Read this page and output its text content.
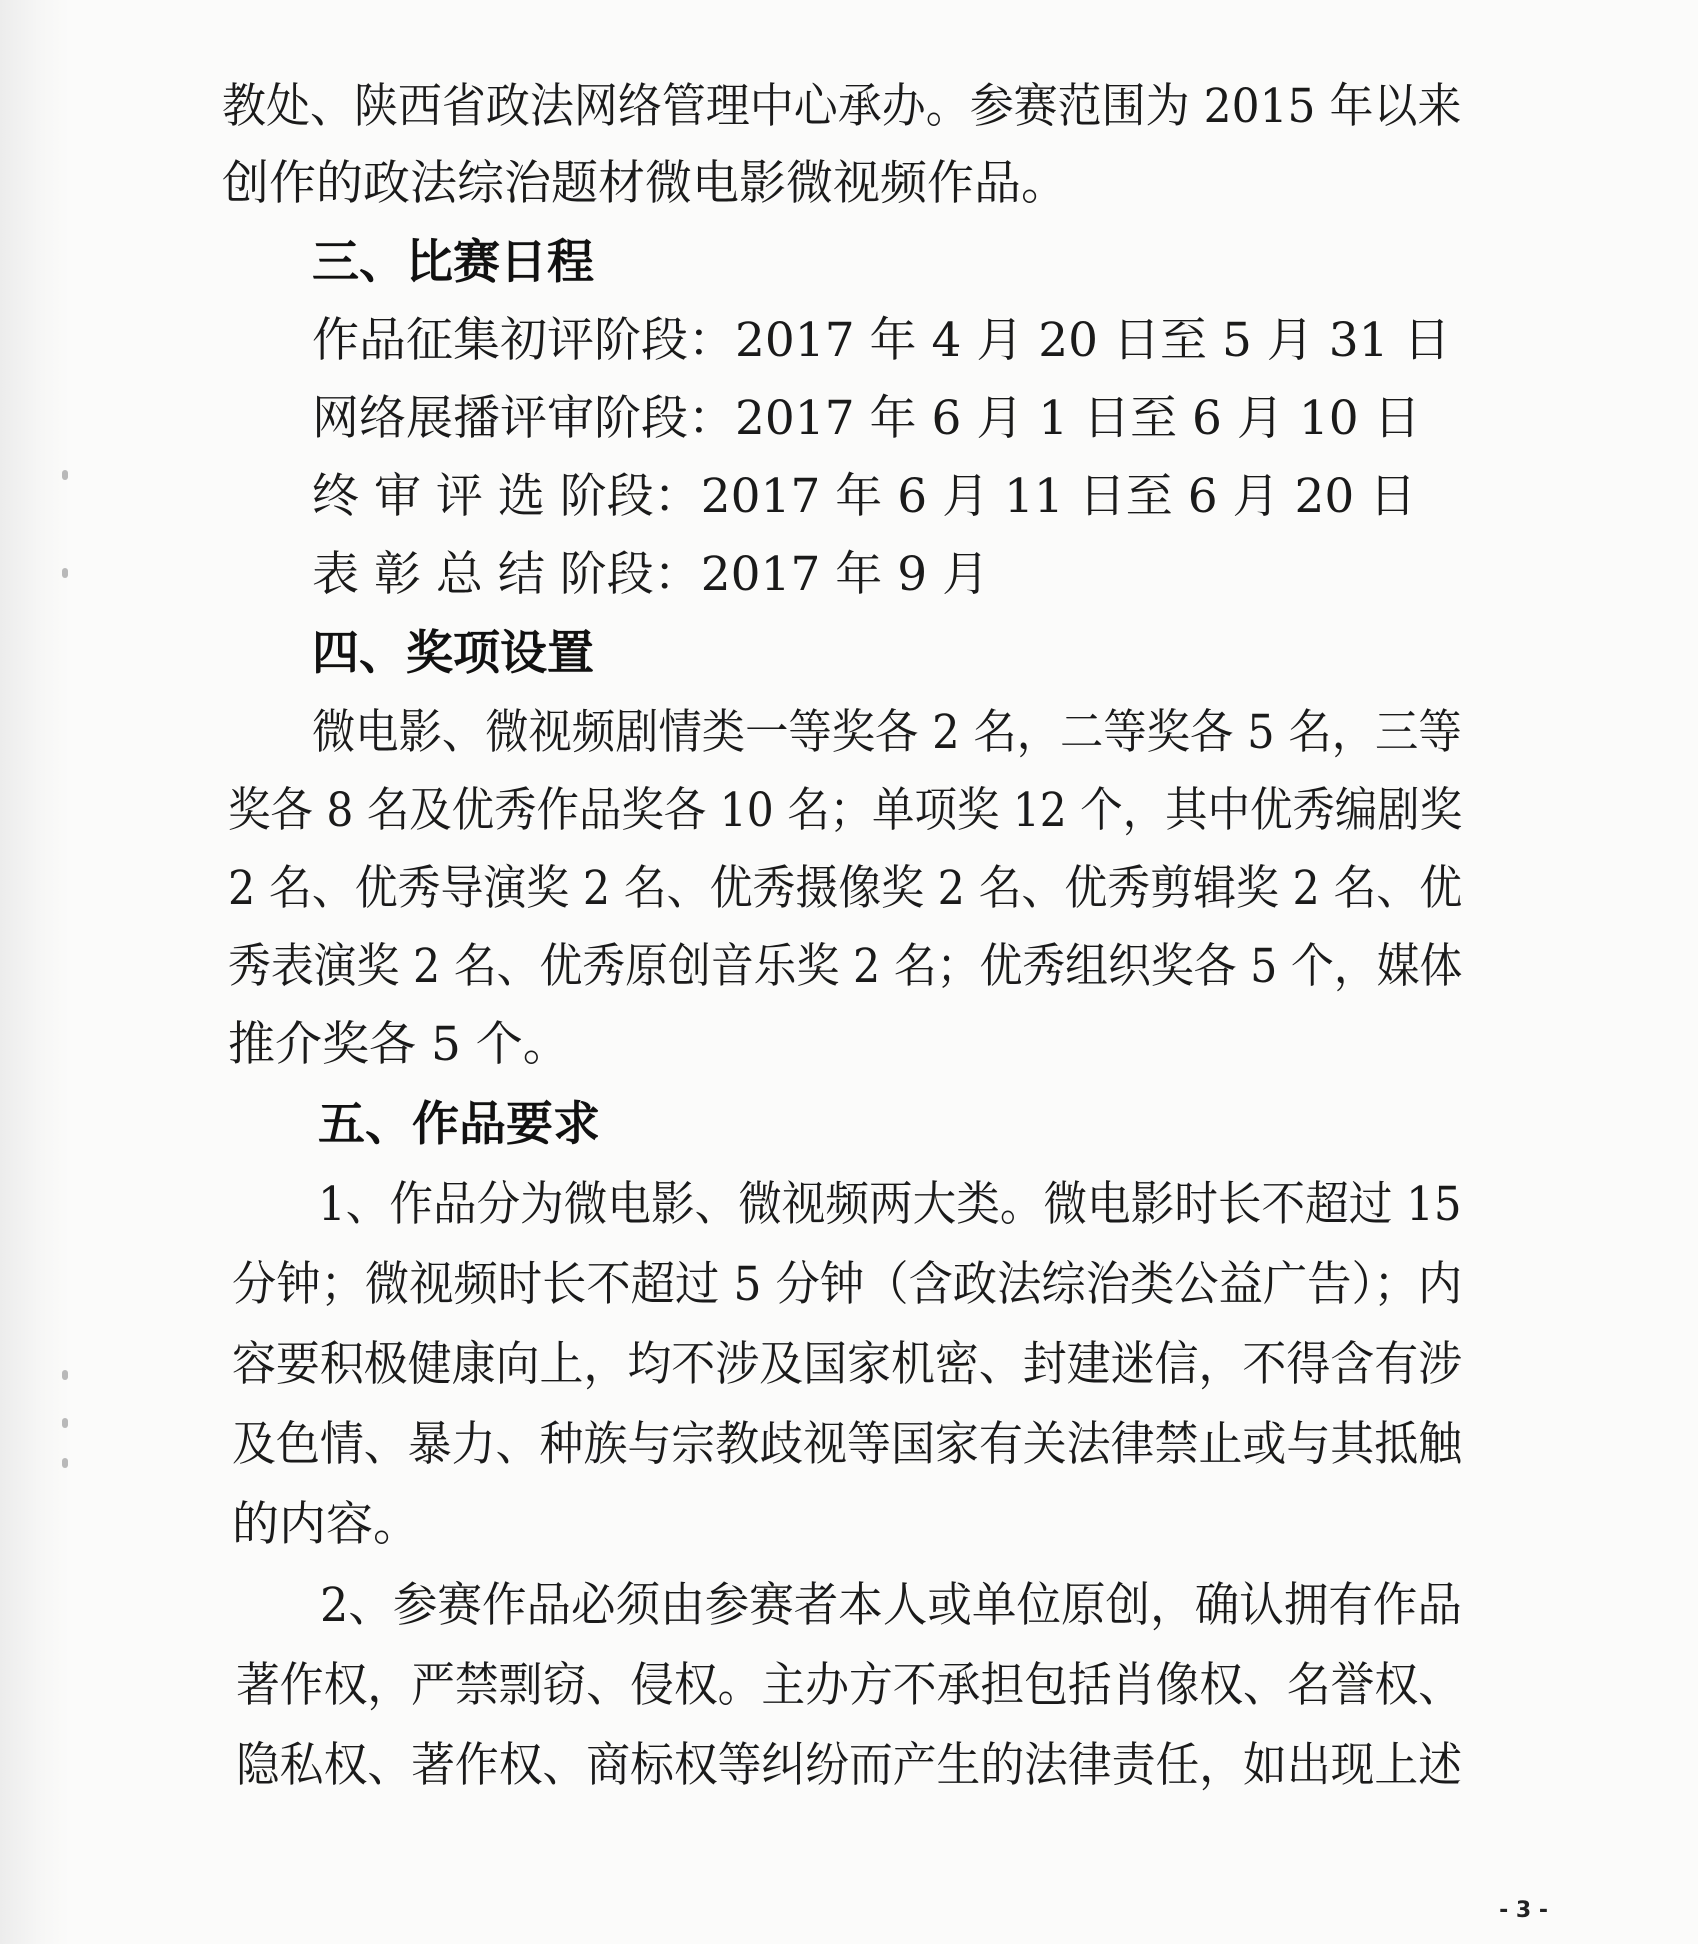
教处、陕西省政法网络管理中心承办。参赛范围为 2015 年以来
创作的政法综治题材微电影微视频作品。
三、比赛日程
作品征集初评阶段：2017 年 4 月 20 日至 5 月 31 日
网络展播评审阶段：2017 年 6 月 1 日至 6 月 10 日
终 审 评 选 阶段：2017 年 6 月 11 日至 6 月 20 日
表 彰 总 结 阶段：2017 年 9 月
四、奖项设置
微电影、微视频剧情类一等奖各 2 名，二等奖各 5 名，三等
奖各 8 名及优秀作品奖各 10 名；单项奖 12 个，其中优秀编剧奖
2 名、优秀导演奖 2 名、优秀摄像奖 2 名、优秀剪辑奖 2 名、优
秀表演奖 2 名、优秀原创音乐奖 2 名；优秀组织奖各 5 个，媒体
推介奖各 5 个。
五、作品要求
1、作品分为微电影、微视频两大类。微电影时长不超过 15
分钟；微视频时长不超过 5 分钟（含政法综治类公益广告）；内
容要积极健康向上，均不涉及国家机密、封建迷信，不得含有涉
及色情、暴力、种族与宗教歧视等国家有关法律禁止或与其抵触
的内容。
2、参赛作品必须由参赛者本人或单位原创，确认拥有作品
著作权，严禁剽窃、侵权。主办方不承担包括肖像权、名誉权、
隐私权、著作权、商标权等纠纷而产生的法律责任，如出现上述
- 3 -
